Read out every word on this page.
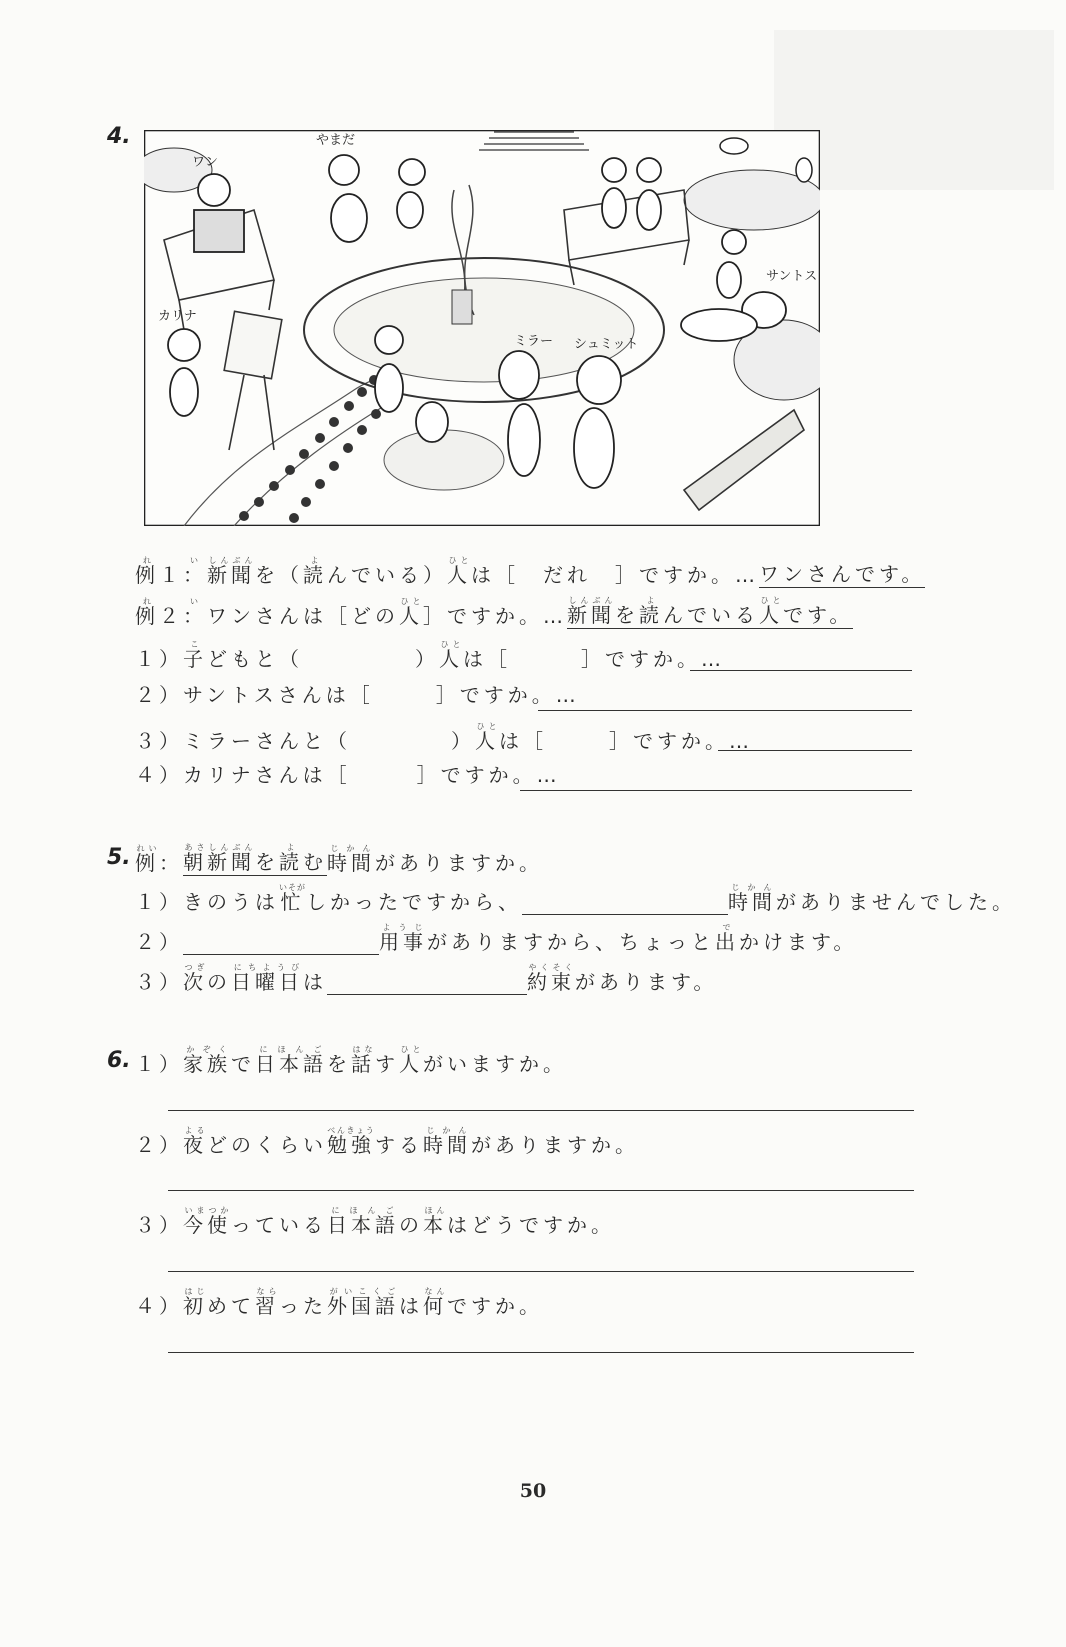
4.
ワン
やまだ
カリナ
サントス
ミラー シュミット
例１：れい
新聞しんぶん
を（ 読よ
んでいる） 人ひと
は［　だれ　］ですか。… ワンさんです。
例２：れい
ワンさんは［どの 人ひと
］ですか。… 新聞しんぶんを読よんでいる人ひとです。
１） 子こ
どもと（	） 人ひと
は［	］ですか。…
２） サントスさんは［	］ですか。…
３） ミラーさんと（	） 人ひと
は［	］ですか。…
４） カリナさんは［	］ですか。…
5. 例れい
： 朝新聞あさしんぶんを読よむ 時間じかん
がありますか。
１） きのうは 忙いそが
しかったですから、	時間じかん
がありませんでした。
２）	用事ようじ
がありますから、ちょっと 出で
かけます。
３） 次つぎ
の 日曜日にちようび
は	約束やくそく
があります。
6. １） 家族かぞく
で 日本語にほんご
を 話はな
す 人ひと
がいますか。
２） 夜よる
どのくらい 勉強べんきょう
する 時間じかん
がありますか。
３） 今使いまつか
っている 日本語にほんご
の 本ほん
はどうですか。
４） 初はじ
めて 習なら
った 外国語がいこくご
は 何なん
ですか。
50
